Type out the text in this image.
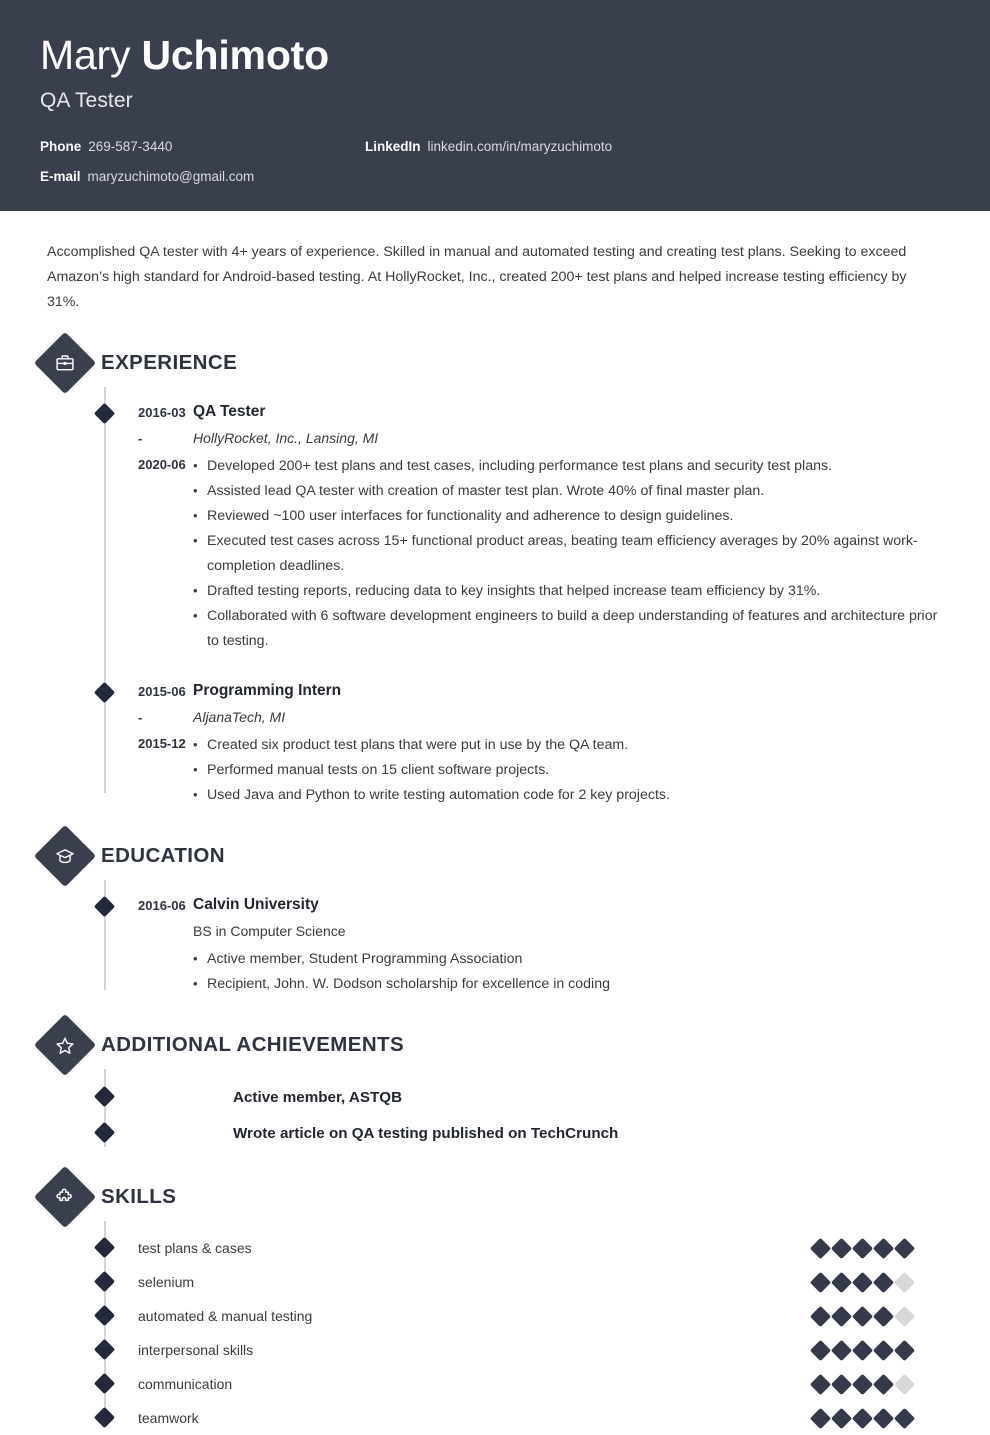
Mary Uchimoto
QA Tester
Phone 269-587-3440	LinkedIn linkedin.com/in/maryzuchimoto
E-mail maryzuchimoto@gmail.com
Accomplished QA tester with 4+ years of experience. Skilled in manual and automated testing and creating test plans. Seeking to exceed Amazon’s high standard for Android-based testing. At HollyRocket, Inc., created 200+ test plans and helped increase testing efficiency by 31%.
EXPERIENCE
2016-03 -
2020-06
QA Tester
HollyRocket, Inc., Lansing, MI
• Developed 200+ test plans and test cases, including performance test plans and security test plans.
• Assisted lead QA tester with creation of master test plan. Wrote 40% of final master plan.
• Reviewed ~100 user interfaces for functionality and adherence to design guidelines.
• Executed test cases across 15+ functional product areas, beating team efficiency averages by 20% against work-completion deadlines.
• Drafted testing reports, reducing data to key insights that helped increase team efficiency by 31%.
• Collaborated with 6 software development engineers to build a deep understanding of features and architecture prior to testing.
2015-06 -
2015-12
Programming Intern
AljanaTech, MI
• Created six product test plans that were put in use by the QA team.
• Performed manual tests on 15 client software projects.
• Used Java and Python to write testing automation code for 2 key projects.
EDUCATION
2016-06 Calvin University
BS in Computer Science
• Active member, Student Programming Association
• Recipient, John. W. Dodson scholarship for excellence in coding
ADDITIONAL ACHIEVEMENTS
Active member, ASTQB
Wrote article on QA testing published on TechCrunch
SKILLS
test plans & cases
selenium
automated & manual testing
interpersonal skills
communication
teamwork
